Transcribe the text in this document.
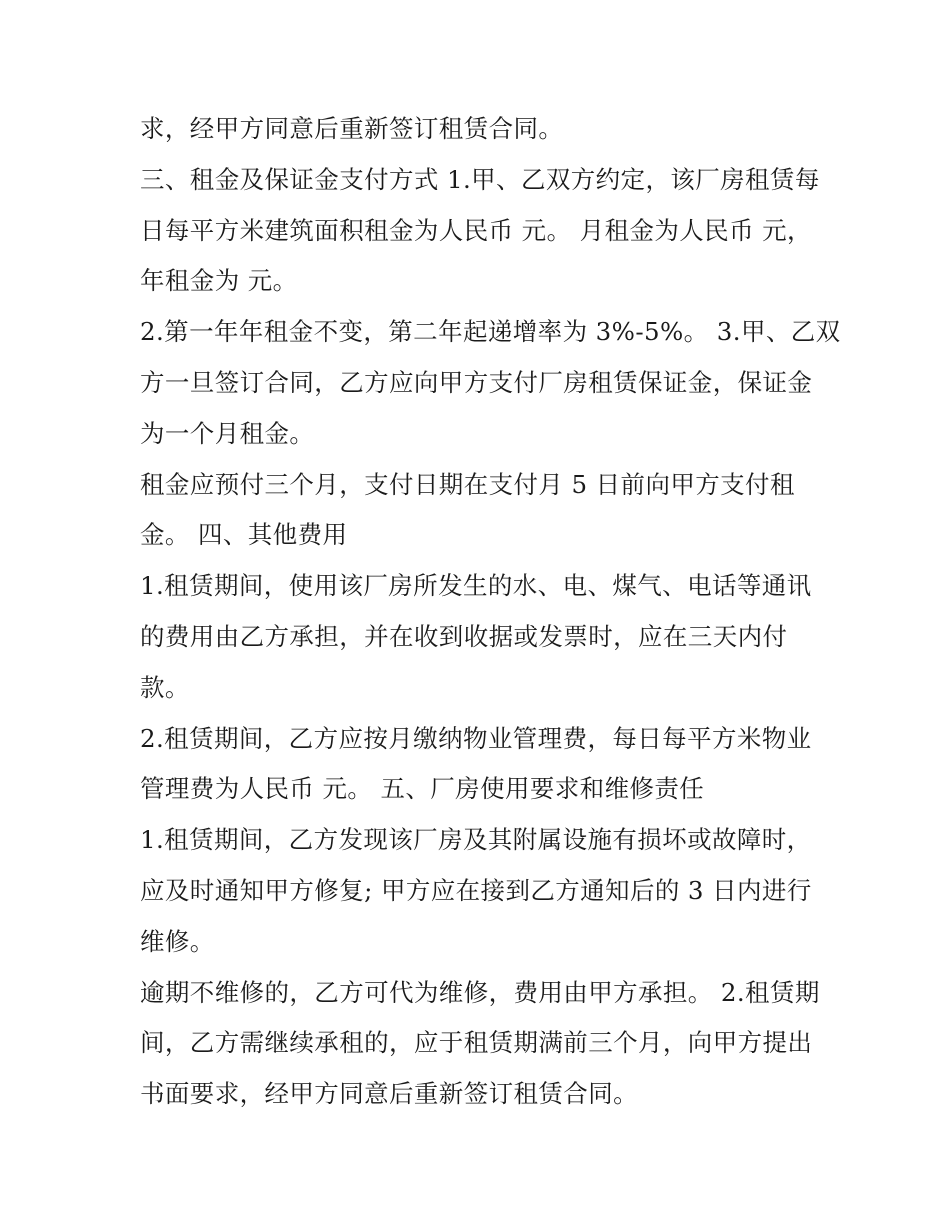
求，经甲方同意后重新签订租赁合同。
三、租金及保证金支付方式 1.甲、乙双方约定，该厂房租赁每
日每平方米建筑面积租金为人民币 元。 月租金为人民币 元，
年租金为 元。
2.第一年年租金不变，第二年起递增率为 3%-5%。 3.甲、乙双
方一旦签订合同，乙方应向甲方支付厂房租赁保证金，保证金
为一个月租金。
租金应预付三个月，支付日期在支付月 5 日前向甲方支付租
金。 四、其他费用
1.租赁期间，使用该厂房所发生的水、电、煤气、电话等通讯
的费用由乙方承担，并在收到收据或发票时，应在三天内付
款。
2.租赁期间，乙方应按月缴纳物业管理费，每日每平方米物业
管理费为人民币 元。 五、厂房使用要求和维修责任
1.租赁期间，乙方发现该厂房及其附属设施有损坏或故障时，
应及时通知甲方修复; 甲方应在接到乙方通知后的 3 日内进行
维修。
逾期不维修的，乙方可代为维修，费用由甲方承担。 2.租赁期
间，乙方需继续承租的，应于租赁期满前三个月，向甲方提出
书面要求，经甲方同意后重新签订租赁合同。
